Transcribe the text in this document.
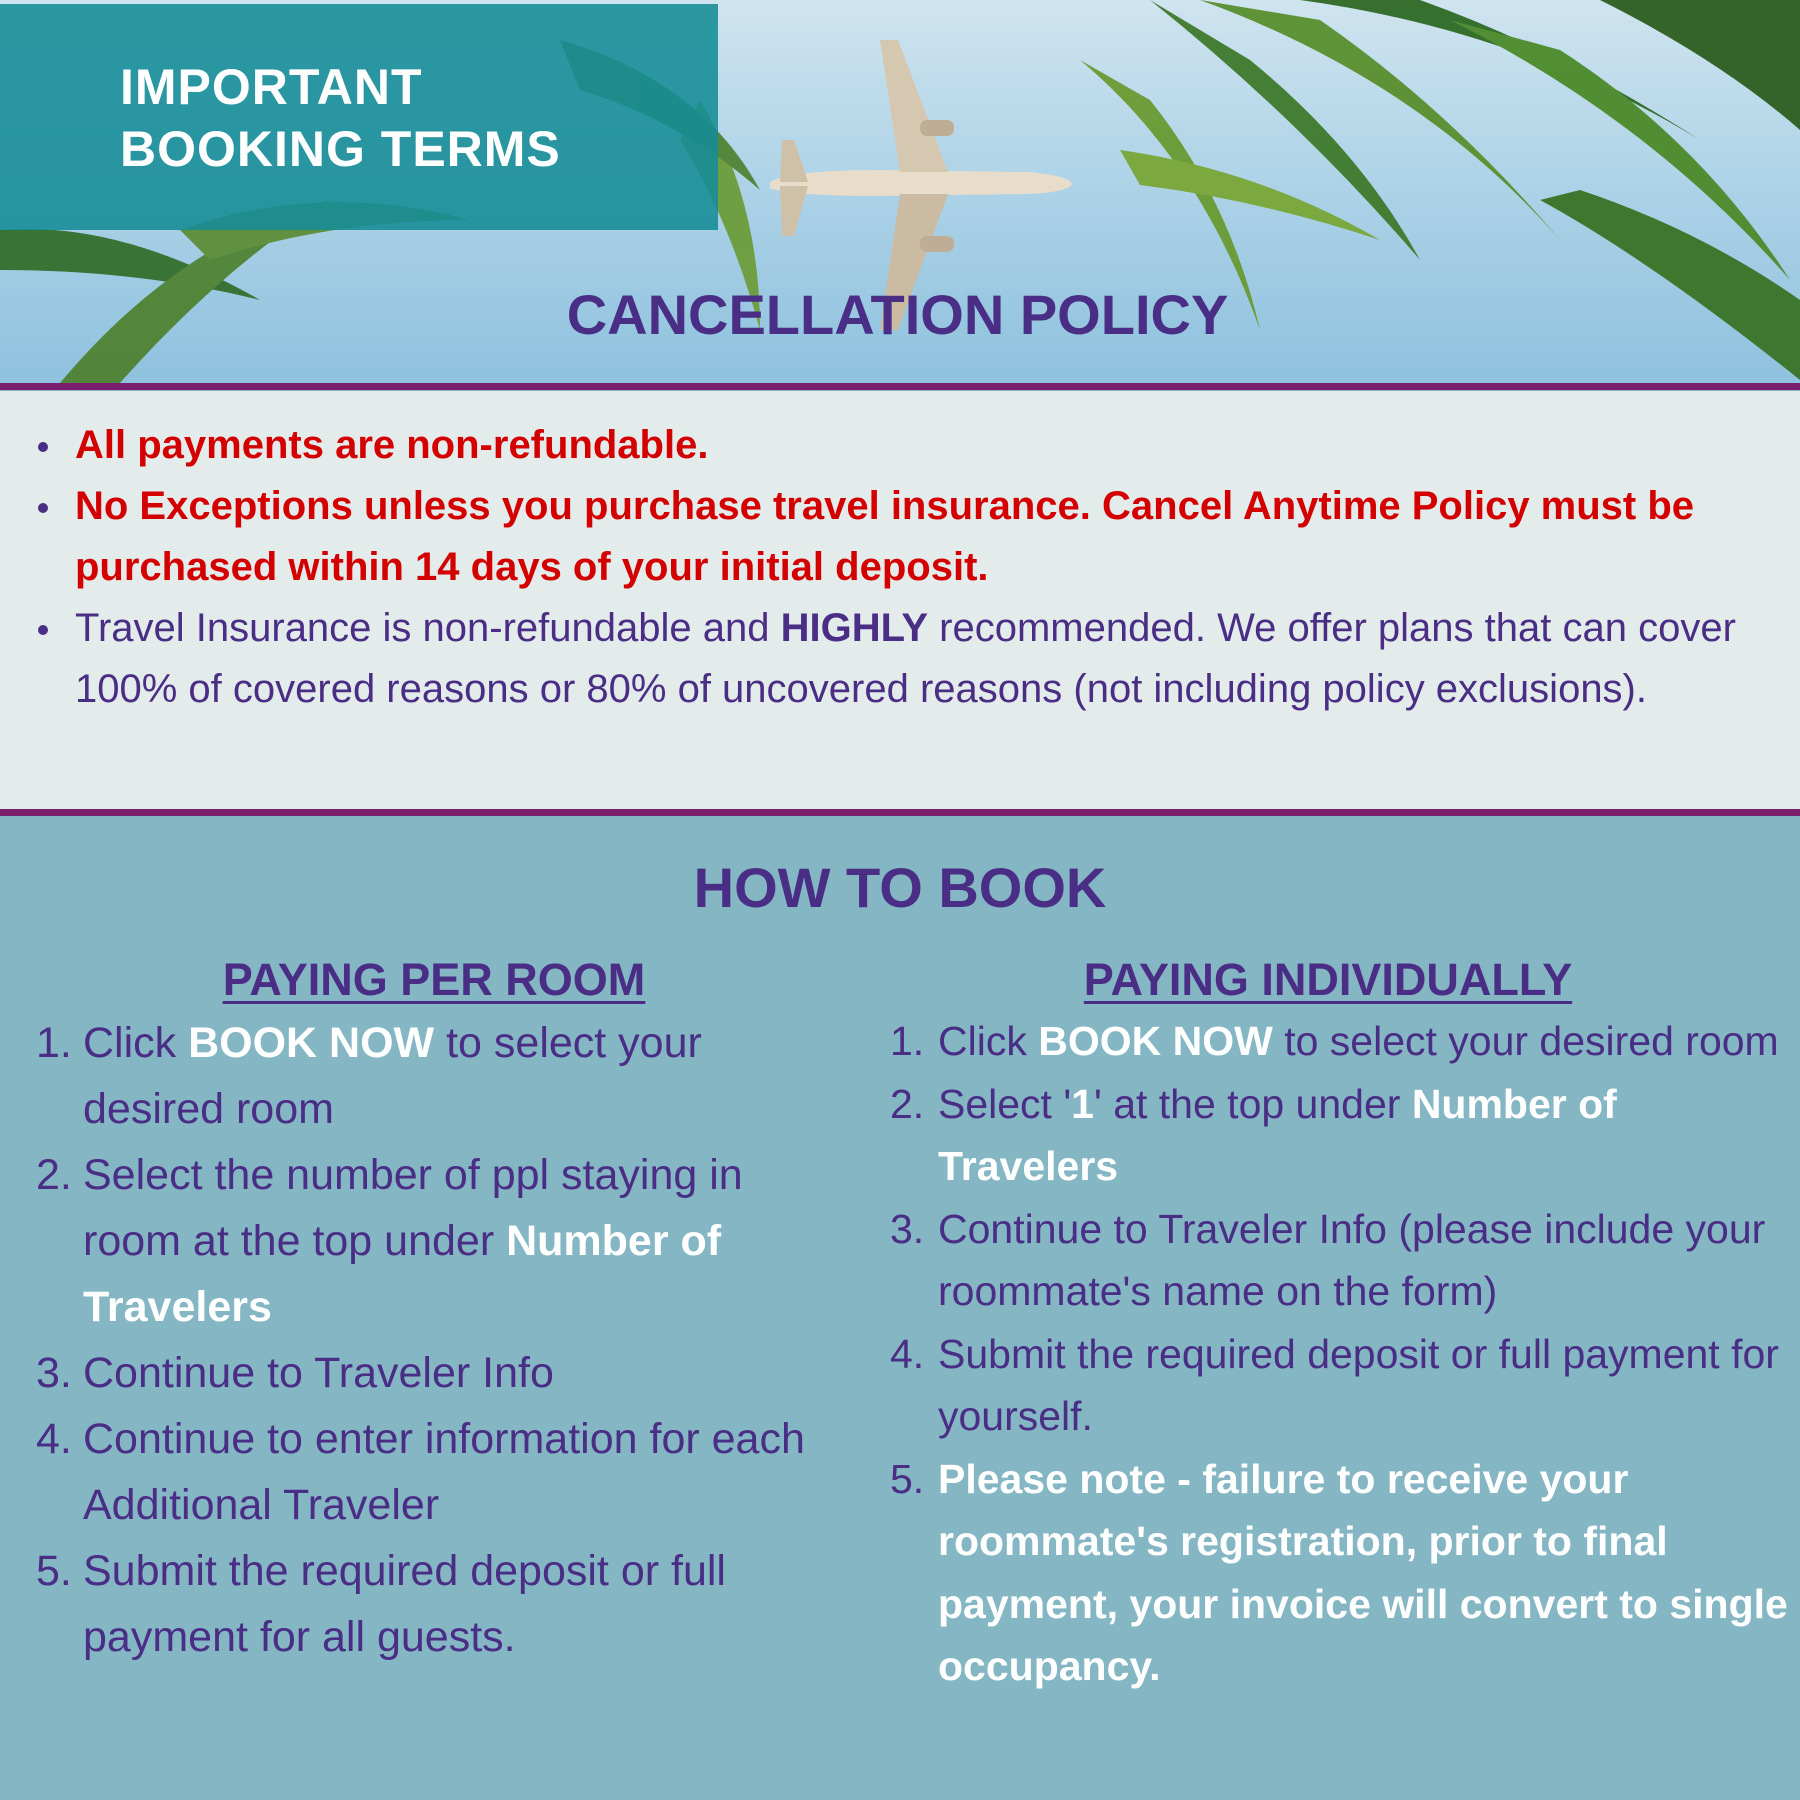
IMPORTANT
BOOKING TERMS
CANCELLATION POLICY
All payments are non-refundable.
No Exceptions unless you purchase travel insurance. Cancel Anytime Policy must be purchased within 14 days of your initial deposit.
Travel Insurance is non-refundable and HIGHLY recommended. We offer plans that can cover 100% of covered reasons or 80% of uncovered reasons (not including policy exclusions).
HOW TO BOOK
PAYING PER ROOM
1. Click BOOK NOW to select your desired room
2. Select the number of ppl staying in room at the top under Number of Travelers
3. Continue to Traveler Info
4. Continue to enter information for each Additional Traveler
5. Submit the required deposit or full payment for all guests.
PAYING INDIVIDUALLY
1. Click BOOK NOW to select your desired room
2. Select '1' at the top under Number of Travelers
3. Continue to Traveler Info (please include your roommate's name on the form)
4. Submit the required deposit or full payment for yourself.
5. Please note - failure to receive your roommate's registration, prior to final payment, your invoice will convert to single occupancy.
